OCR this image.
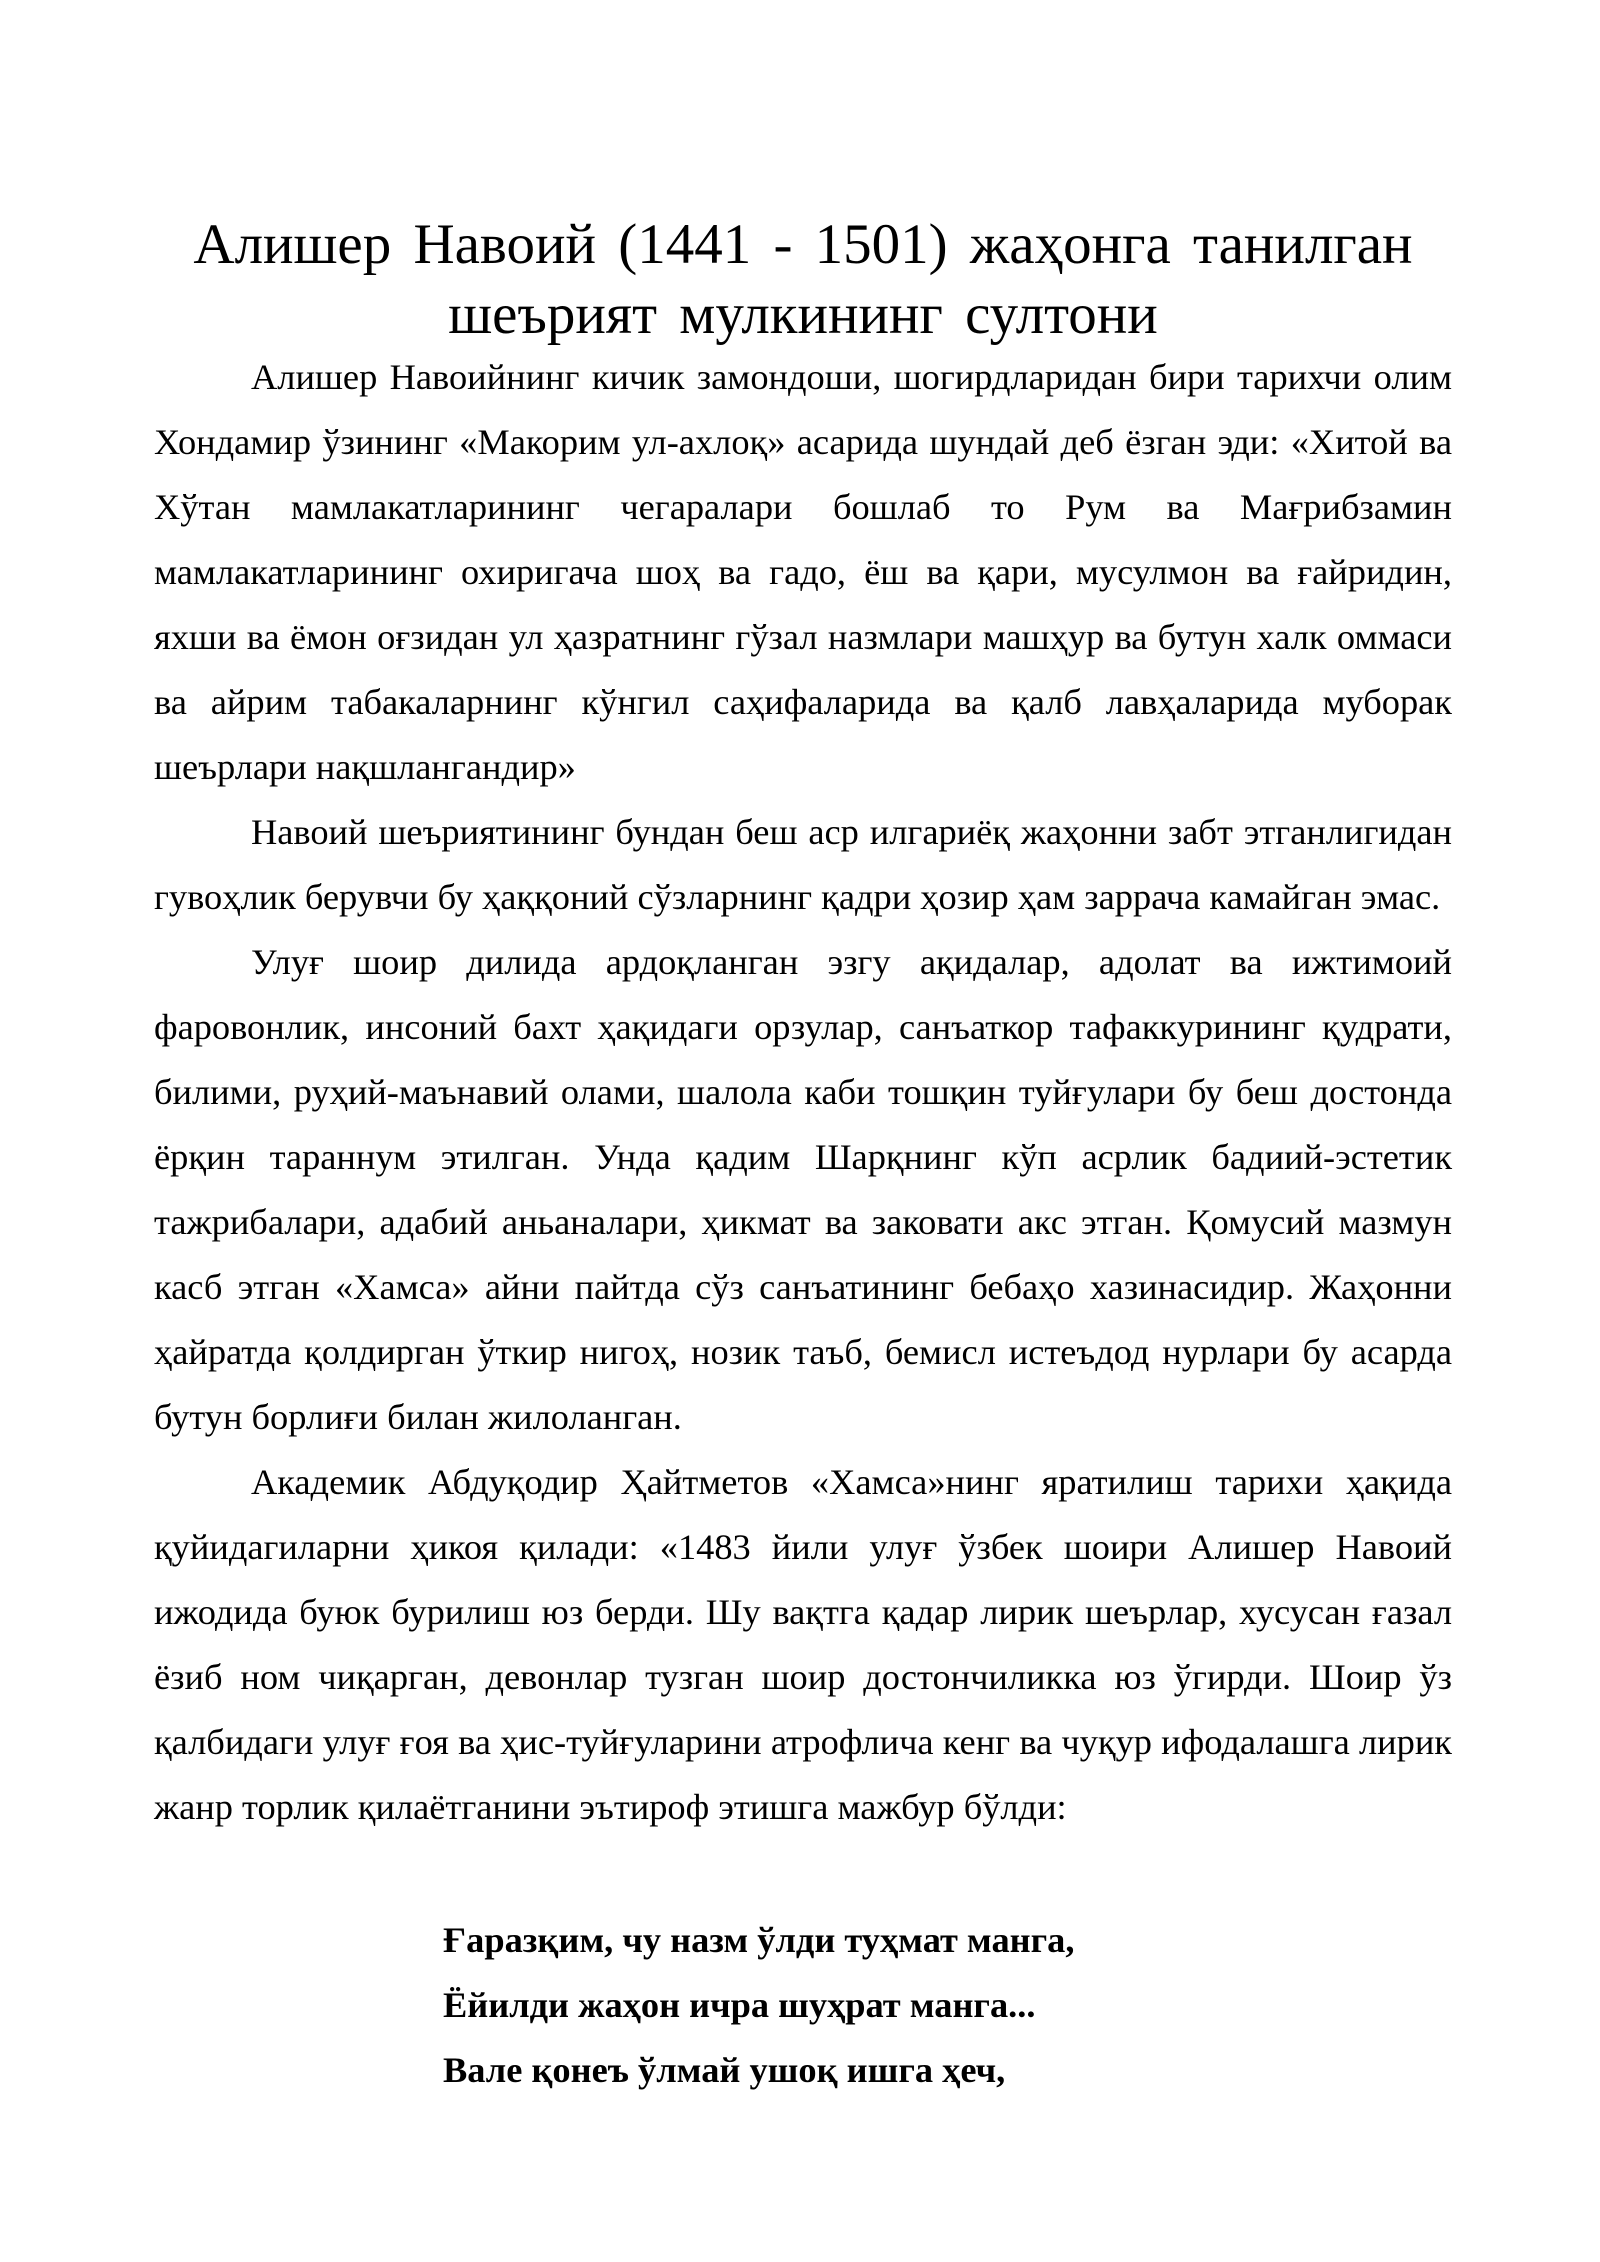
Алишер Навоий (1441 - 1501) жаҳонга танилган
шеърият мулкининг султони

Алишер Навоийнинг кичик замондоши, шогирдларидан бири тарихчи олим Хондамир ўзининг «Макорим ул-ахлоқ» асарида шундай деб ёзган эди: «Хитой ва Хўтан мамлакатларининг чегаралари бошлаб то Рум ва Мағрибзамин мамлакатларининг охиригача шоҳ ва гадо, ёш ва қари, мусулмон ва ғайридин, яхши ва ёмон оғзидан ул ҳазратнинг гўзал назмлари машҳур ва бутун халк оммаси ва айрим табакаларнинг кўнгил саҳифаларида ва қалб лавҳаларида муборак шеърлари нақшлангандир»

Навоий шеъриятининг бундан беш аср илгариёқ жаҳонни забт этганлигидан гувоҳлик берувчи бу ҳаққоний сўзларнинг қадри ҳозир ҳам заррача камайган эмас.

Улуғ шоир дилида ардоқланган эзгу ақидалар, адолат ва ижтимоий фаровонлик, инсоний бахт ҳақидаги орзулар, санъаткор тафаккурининг қудрати, билими, руҳий-маънавий олами, шалола каби тошқин туйғулари бу беш достонда ёрқин тараннум этилган. Унда қадим Шарқнинг кўп асрлик бадиий-эстетик тажрибалари, адабий аньаналари, ҳикмат ва заковати акс этган. Қомусий мазмун касб этган «Хамса» айни пайтда сўз санъатининг бебаҳо хазинасидир. Жаҳонни ҳайратда қолдирган ўткир нигоҳ, нозик таъб, бемисл истеъдод нурлари бу асарда бутун борлиғи билан жилоланган.

Академик Абдуқодир Ҳайтметов «Хамса»нинг яратилиш тарихи ҳақида қуйидагиларни ҳикоя қилади: «1483 йили улуғ ўзбек шоири Алишер Навоий ижодида буюк бурилиш юз берди. Шу вақтга қадар лирик шеърлар, хусусан ғазал ёзиб ном чиқарган, девонлар тузган шоир достончиликка юз ўгирди. Шоир ўз қалбидаги улуғ ғоя ва ҳис-туйғуларини атрофлича кенг ва чуқур ифодалашга лирик жанр торлик қилаётганини эътироф этишга мажбур бўлди:

Ғаразқим, чу назм ўлди туҳмат манга,
Ёйилди жаҳон ичра шуҳрат манга...
Вале қонеъ ўлмай ушоқ ишга ҳеч,
